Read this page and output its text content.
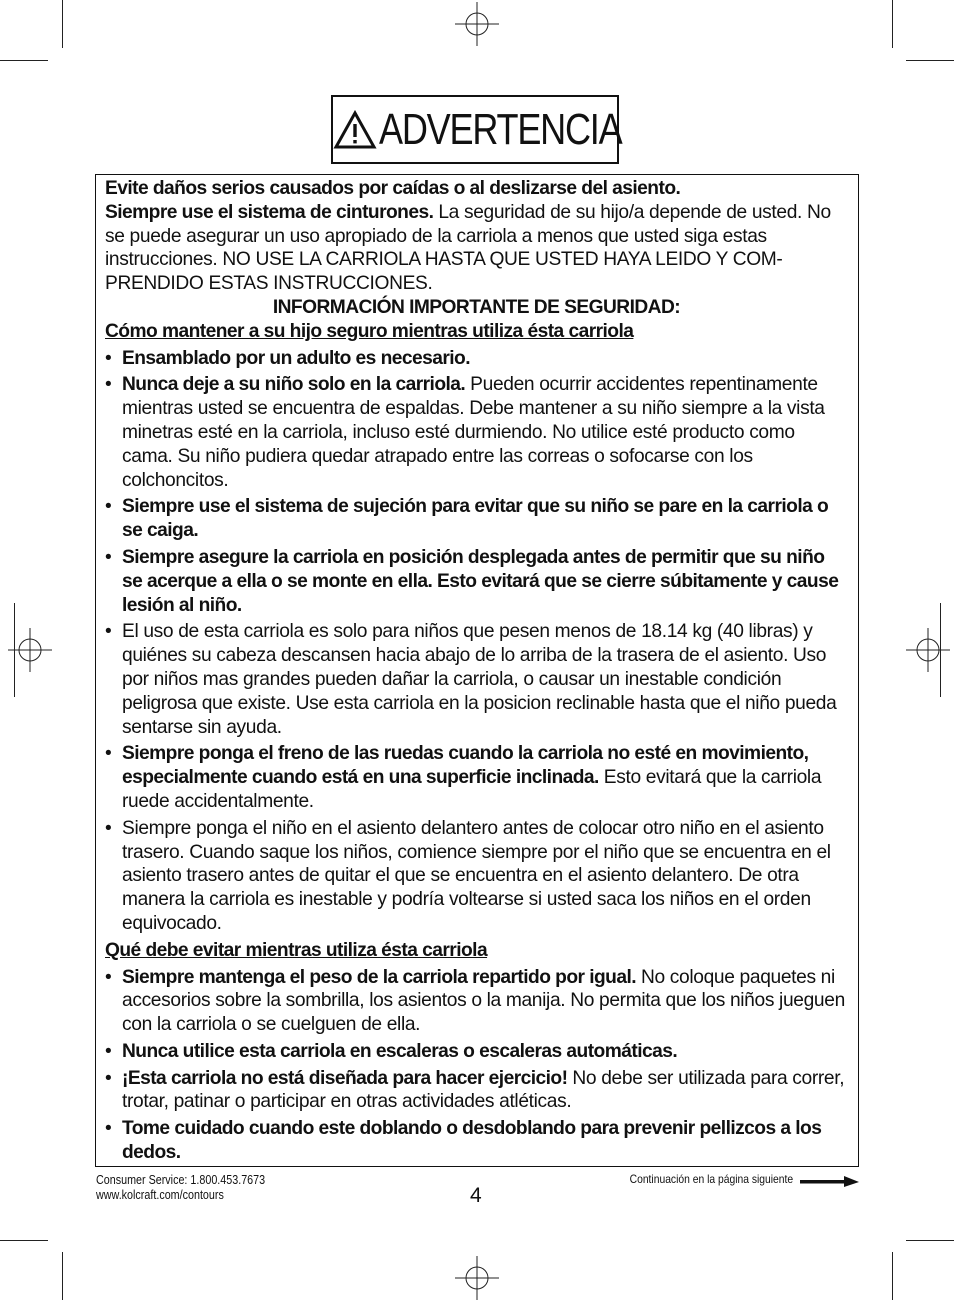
ADVERTENCIA

Evite daños serios causados por caídas o al deslizarse del asiento.

Siempre use el sistema de cinturones. La seguridad de su hijo/a depende de usted. No se puede asegurar un uso apropiado de la carriola a menos que usted siga estas instrucciones. NO USE LA CARRIOLA HASTA QUE USTED HAYA LEIDO Y COM-PRENDIDO ESTAS INSTRUCCIONES.

INFORMACIÓN IMPORTANTE DE SEGURIDAD:

Cómo mantener a su hijo seguro mientras utiliza ésta carriola

• Ensamblado por un adulto es necesario.

• Nunca deje a su niño solo en la carriola. Pueden ocurrir accidentes repentinamente mientras usted se encuentra de espaldas. Debe mantener a su niño siempre a la vista minetras esté en la carriola, incluso esté durmiendo. No utilice esté producto como cama. Su niño pudiera quedar atrapado entre las correas o sofocarse con los colchoncitos.

• Siempre use el sistema de sujeción para evitar que su niño se pare en la carriola o se caiga.

• Siempre asegure la carriola en posición desplegada antes de permitir que su niño se acerque a ella o se monte en ella. Esto evitará que se cierre súbitamente y cause lesión al niño.

• El uso de esta carriola es solo para niños que pesen menos de 18.14 kg (40 libras) y quiénes su cabeza descansen hacia abajo de lo arriba de la trasera de el asiento. Uso por niños mas grandes pueden dañar la carriola, o causar un inestable condición peligrosa que existe. Use esta carriola en la posicion reclinable hasta que el niño pueda sentarse sin ayuda.

• Siempre ponga el freno de las ruedas cuando la carriola no esté en movimiento, especialmente cuando está en una superficie inclinada. Esto evitará que la carriola ruede accidentalmente.

• Siempre ponga el niño en el asiento delantero antes de colocar otro niño en el asiento trasero. Cuando saque los niños, comience siempre por el niño que se encuentra en el asiento trasero antes de quitar el que se encuentra en el asiento delantero. De otra manera la carriola es inestable y podría voltearse si usted saca los niños en el orden equivocado.

Qué debe evitar mientras utiliza ésta carriola

• Siempre mantenga el peso de la carriola repartido por igual. No coloque paquetes ni accesorios sobre la sombrilla, los asientos o la manija. No permita que los niños jueguen con la carriola o se cuelguen de ella.

• Nunca utilice esta carriola en escaleras o escaleras automáticas.

• ¡Esta carriola no está diseñada para hacer ejercicio! No debe ser utilizada para correr, trotar, patinar o participar en otras actividades atléticas.

• Tome cuidado cuando este doblando o desdoblando para prevenir pellizcos a los dedos.

Consumer Service: 1.800.453.7673
www.kolcraft.com/contours	4
Continuación en la página siguiente
